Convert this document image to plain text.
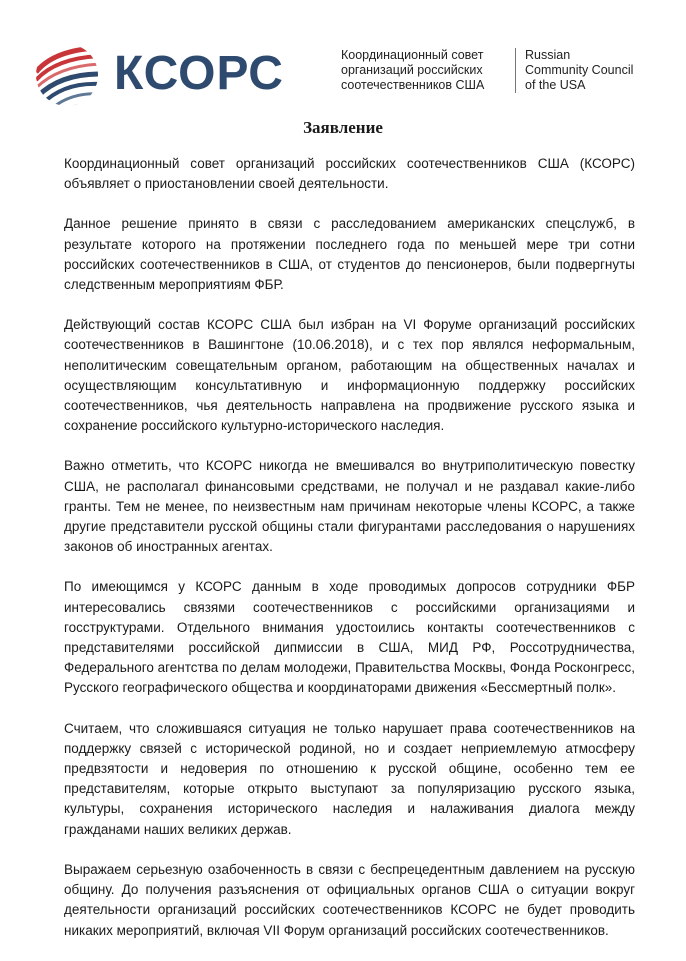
КСОРС	Координационный совет
организаций российских
соотечественников США
Russian
Community Council
of the USA
Заявление

Координационный совет организаций российских соотечественников США (КСОРС) объявляет о приостановлении своей деятельности.

Данное решение принято в связи с расследованием американских спецслужб, в результате которого на протяжении последнего года по меньшей мере три сотни российских соотечественников в США, от студентов до пенсионеров, были подвергнуты следственным мероприятиям ФБР.

Действующий состав КСОРС США был избран на VI Форуме организаций российских соотечественников в Вашингтоне (10.06.2018), и с тех пор являлся неформальным, неполитическим совещательным органом, работающим на общественных началах и осуществляющим консультативную и информационную поддержку российских соотечественников, чья деятельность направлена на продвижение русского языка и сохранение российского культурно-исторического наследия.

Важно отметить, что КСОРС никогда не вмешивался во внутриполитическую повестку США, не располагал финансовыми средствами, не получал и не раздавал какие-либо гранты. Тем не менее, по неизвестным нам причинам некоторые члены КСОРС, а также другие представители русской общины стали фигурантами расследования о нарушениях законов об иностранных агентах.

По имеющимся у КСОРС данным в ходе проводимых допросов сотрудники ФБР интересовались связями соотечественников с российскими организациями и госструктурами. Отдельного внимания удостоились контакты соотечественников с представителями российской дипмиссии в США, МИД РФ, Россотрудничества, Федерального агентства по делам молодежи, Правительства Москвы, Фонда Росконгресс, Русского географического общества и координаторами движения «Бессмертный полк».

Считаем, что сложившаяся ситуация не только нарушает права соотечественников на поддержку связей с исторической родиной, но и создает неприемлемую атмосферу предвзятости и недоверия по отношению к русской общине, особенно тем ее представителям, которые открыто выступают за популяризацию русского языка, культуры, сохранения исторического наследия и налаживания диалога между гражданами наших великих держав.

Выражаем серьезную озабоченность в связи с беспрецедентным давлением на русскую общину. До получения разъяснения от официальных органов США о ситуации вокруг деятельности организаций российских соотечественников КСОРС не будет проводить никаких мероприятий, включая VII Форум организаций российских соотечественников.
